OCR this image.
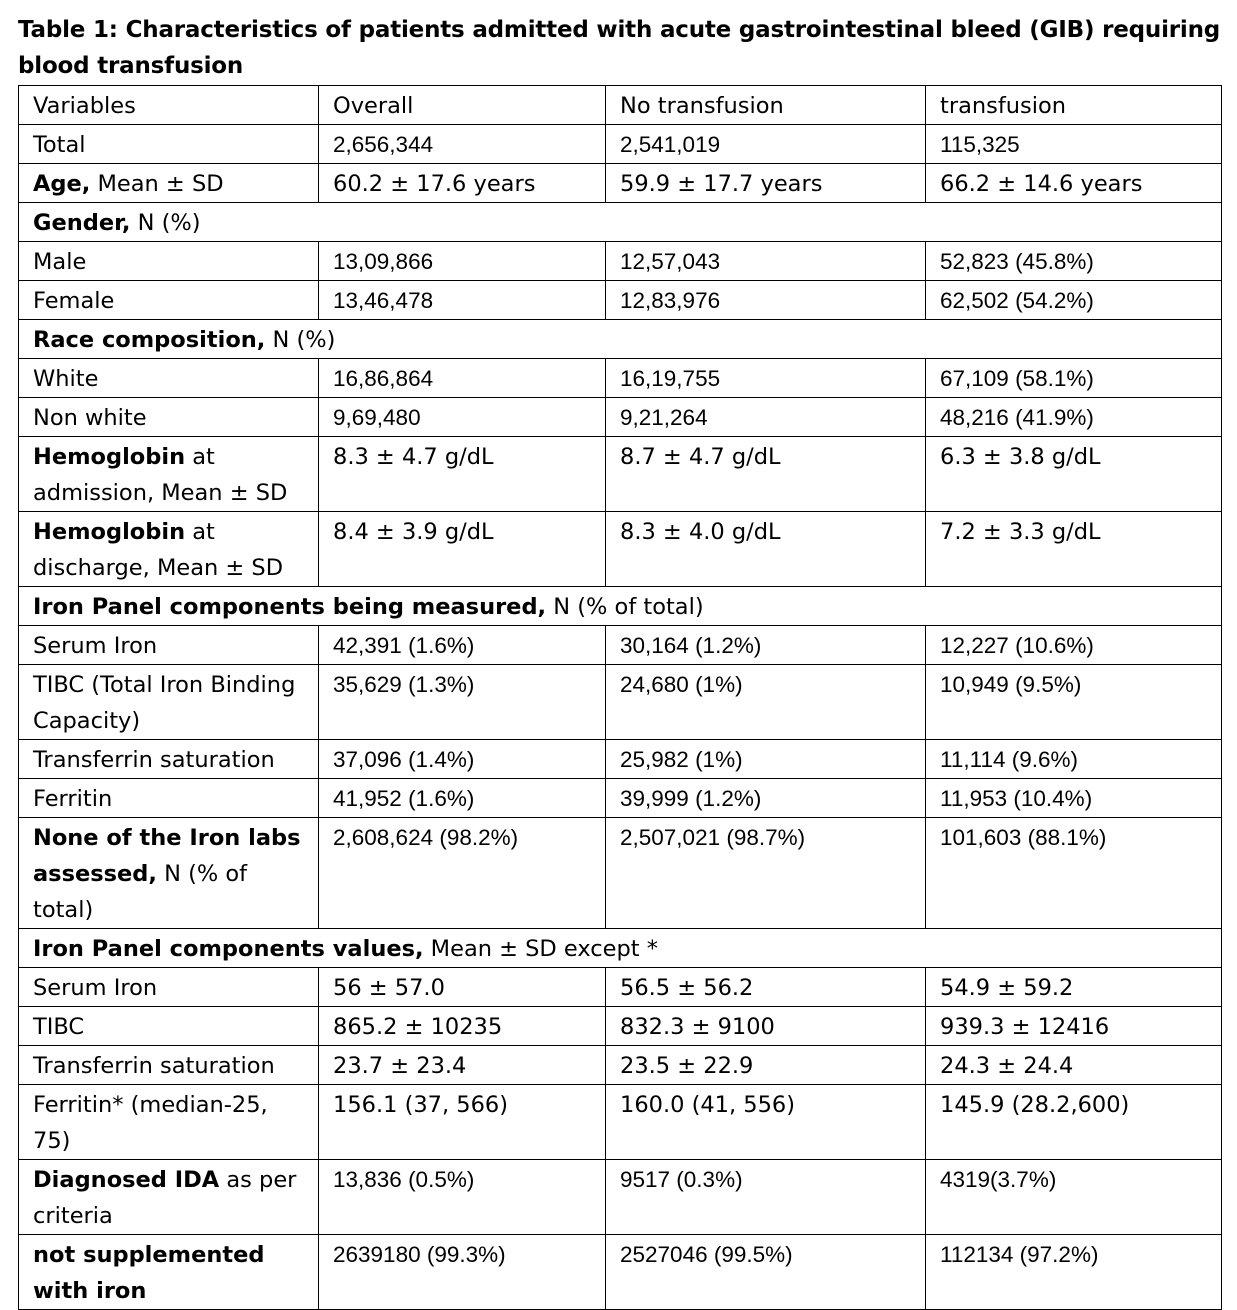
Table 1: Characteristics of patients admitted with acute gastrointestinal bleed (GIB) requiring blood transfusion
Variables	Overall	No transfusion	transfusion
Total	2,656,344	2,541,019	115,325
Age, Mean ± SD	60.2 ± 17.6 years	59.9 ± 17.7 years	66.2 ± 14.6 years
Gender, N (%)			
Male	13,09,866	12,57,043	52,823 (45.8%)
Female	13,46,478	12,83,976	62,502 (54.2%)
Race composition, N (%)			
White	16,86,864	16,19,755	67,109 (58.1%)
Non white	9,69,480	9,21,264	48,216 (41.9%)
Hemoglobin at admission, Mean ± SD	8.3 ± 4.7 g/dL	8.7 ± 4.7 g/dL	6.3 ± 3.8 g/dL
Hemoglobin at discharge, Mean ± SD	8.4 ± 3.9 g/dL	8.3 ± 4.0 g/dL	7.2 ± 3.3 g/dL
Iron Panel components being measured, N (% of total)			
Serum Iron	42,391 (1.6%)	30,164 (1.2%)	12,227 (10.6%)
TIBC (Total Iron Binding Capacity)	35,629 (1.3%)	24,680 (1%)	10,949 (9.5%)
Transferrin saturation	37,096 (1.4%)	25,982 (1%)	11,114 (9.6%)
Ferritin	41,952 (1.6%)	39,999 (1.2%)	11,953 (10.4%)
None of the Iron labs assessed, N (% of total)	2,608,624 (98.2%)	2,507,021 (98.7%)	101,603 (88.1%)
Iron Panel components values, Mean ± SD except *			
Serum Iron	56 ± 57.0	56.5 ± 56.2	54.9 ± 59.2
TIBC	865.2 ± 10235	832.3 ± 9100	939.3 ± 12416
Transferrin saturation	23.7 ± 23.4	23.5 ± 22.9	24.3 ± 24.4
Ferritin* (median-25, 75)	156.1 (37, 566)	160.0 (41, 556)	145.9 (28.2,600)
Diagnosed IDA as per criteria	13,836 (0.5%)	9517 (0.3%)	4319(3.7%)
not supplemented with iron	2639180 (99.3%)	2527046 (99.5%)	112134 (97.2%)
